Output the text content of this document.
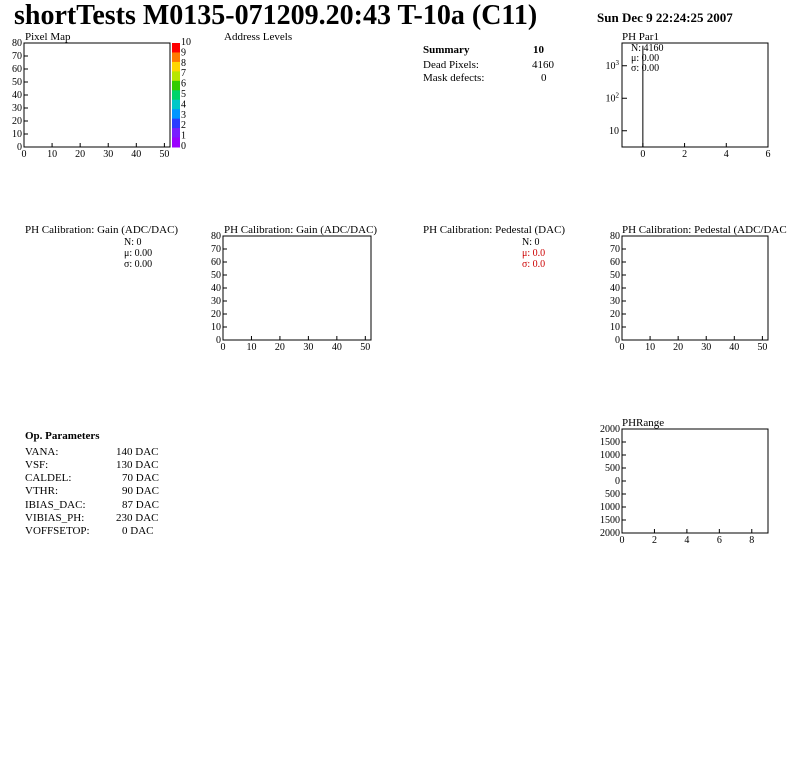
shortTests M0135-071209.20:43 T-10a (C11)	Sun Dec 9 22:24:25 2007
Pixel Map	Address Levels	PH Par1
PH Calibration: Gain (ADC/DAC)	PH Calibration: Gain (ADC/DAC)	PH Calibration: Pedestal (DAC)	PH Calibration: Pedestal (ADC/DAC
PHRange
Summary	10
Dead Pixels:	4160
Mask defects:	0
N: 4160
μ: 0.00
σ: 0.00
N: 0
μ: 0.00
σ: 0.00
N: 0
μ: 0.0
σ: 0.0
Op. Parameters
VANA:	140 DAC
VSF:	130 DAC
CALDEL:	70 DAC
VTHR:	90 DAC
IBIAS_DAC:	87 DAC
VIBIAS_PH:	230 DAC
VOFFSETOP:	0 DAC
0 10 20 30 40 50
0
10
20
30
40
50
60
70
80	10
9
8
7
6
5
4
3
2
1
0
0	2	4	6
10
$10^2$
$10^3$
0 10 20 30 40 50
0
10
20
30
40
50
60
70
80
0 10 20 30 40 50
0
10
20
30
40
50
60
70
80
0	2	4	6	8
2000
1500
1000
500
0
500
1000
1500
2000
